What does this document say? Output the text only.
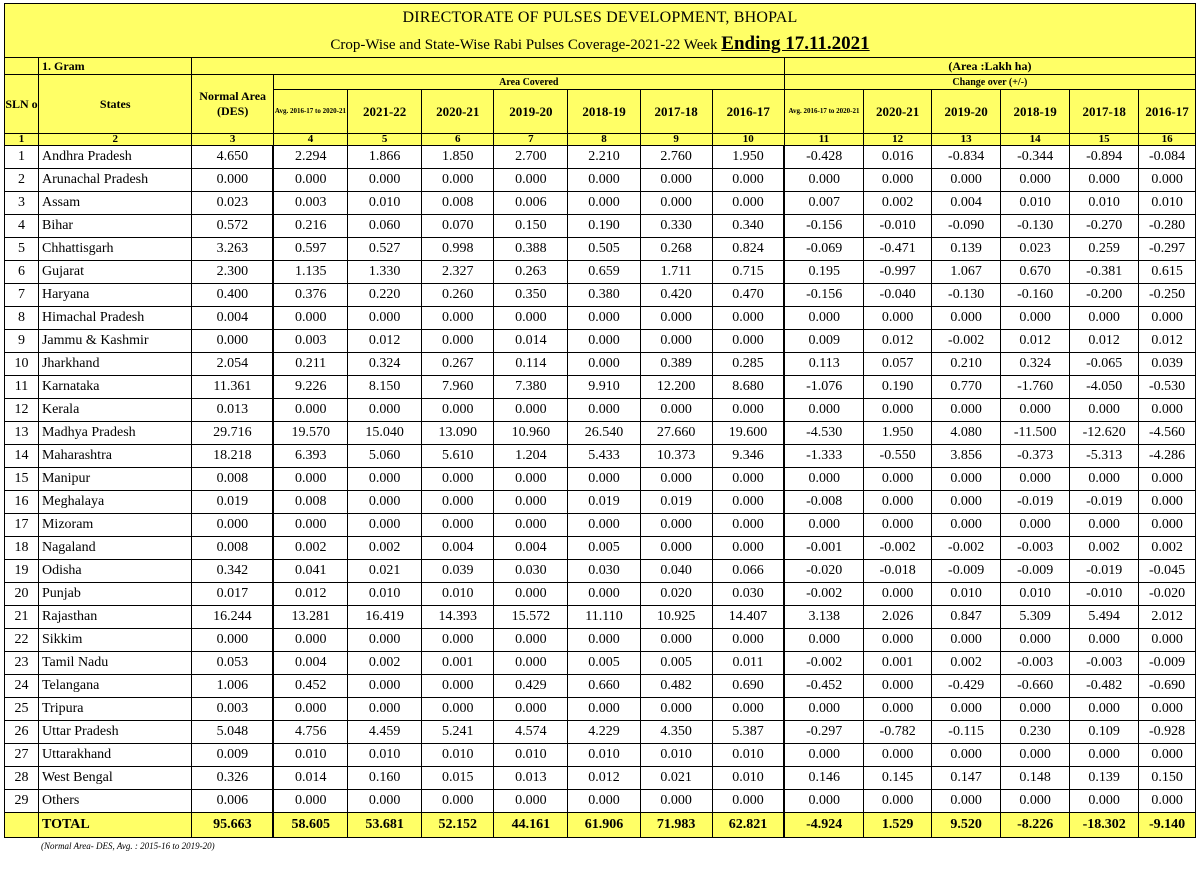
DIRECTORATE OF PULSES DEVELOPMENT, BHOPAL
Crop-Wise and State-Wise Rabi Pulses Coverage-2021-22 Week Ending 17.11.2021
	1. Gram									(Area :Lakh ha)					
SLN o	States	Normal Area (DES)	Area Covered							Change over (+/-)					
			Avg. 2016-17 to 2020-21	2021-22	2020-21	2019-20	2018-19	2017-18	2016-17	Avg. 2016-17 to 2020-21	2020-21	2019-20	2018-19	2017-18	2016-17
1	2	3	4	5	6	7	8	9	10	11	12	13	14	15	16
1	Andhra Pradesh	4.650	2.294	1.866	1.850	2.700	2.210	2.760	1.950	-0.428	0.016	-0.834	-0.344	-0.894	-0.084
2	Arunachal Pradesh	0.000	0.000	0.000	0.000	0.000	0.000	0.000	0.000	0.000	0.000	0.000	0.000	0.000	0.000
3	Assam	0.023	0.003	0.010	0.008	0.006	0.000	0.000	0.000	0.007	0.002	0.004	0.010	0.010	0.010
4	Bihar	0.572	0.216	0.060	0.070	0.150	0.190	0.330	0.340	-0.156	-0.010	-0.090	-0.130	-0.270	-0.280
5	Chhattisgarh	3.263	0.597	0.527	0.998	0.388	0.505	0.268	0.824	-0.069	-0.471	0.139	0.023	0.259	-0.297
6	Gujarat	2.300	1.135	1.330	2.327	0.263	0.659	1.711	0.715	0.195	-0.997	1.067	0.670	-0.381	0.615
7	Haryana	0.400	0.376	0.220	0.260	0.350	0.380	0.420	0.470	-0.156	-0.040	-0.130	-0.160	-0.200	-0.250
8	Himachal Pradesh	0.004	0.000	0.000	0.000	0.000	0.000	0.000	0.000	0.000	0.000	0.000	0.000	0.000	0.000
9	Jammu & Kashmir	0.000	0.003	0.012	0.000	0.014	0.000	0.000	0.000	0.009	0.012	-0.002	0.012	0.012	0.012
10	Jharkhand	2.054	0.211	0.324	0.267	0.114	0.000	0.389	0.285	0.113	0.057	0.210	0.324	-0.065	0.039
11	Karnataka	11.361	9.226	8.150	7.960	7.380	9.910	12.200	8.680	-1.076	0.190	0.770	-1.760	-4.050	-0.530
12	Kerala	0.013	0.000	0.000	0.000	0.000	0.000	0.000	0.000	0.000	0.000	0.000	0.000	0.000	0.000
13	Madhya Pradesh	29.716	19.570	15.040	13.090	10.960	26.540	27.660	19.600	-4.530	1.950	4.080	-11.500	-12.620	-4.560
14	Maharashtra	18.218	6.393	5.060	5.610	1.204	5.433	10.373	9.346	-1.333	-0.550	3.856	-0.373	-5.313	-4.286
15	Manipur	0.008	0.000	0.000	0.000	0.000	0.000	0.000	0.000	0.000	0.000	0.000	0.000	0.000	0.000
16	Meghalaya	0.019	0.008	0.000	0.000	0.000	0.019	0.019	0.000	-0.008	0.000	0.000	-0.019	-0.019	0.000
17	Mizoram	0.000	0.000	0.000	0.000	0.000	0.000	0.000	0.000	0.000	0.000	0.000	0.000	0.000	0.000
18	Nagaland	0.008	0.002	0.002	0.004	0.004	0.005	0.000	0.000	-0.001	-0.002	-0.002	-0.003	0.002	0.002
19	Odisha	0.342	0.041	0.021	0.039	0.030	0.030	0.040	0.066	-0.020	-0.018	-0.009	-0.009	-0.019	-0.045
20	Punjab	0.017	0.012	0.010	0.010	0.000	0.000	0.020	0.030	-0.002	0.000	0.010	0.010	-0.010	-0.020
21	Rajasthan	16.244	13.281	16.419	14.393	15.572	11.110	10.925	14.407	3.138	2.026	0.847	5.309	5.494	2.012
22	Sikkim	0.000	0.000	0.000	0.000	0.000	0.000	0.000	0.000	0.000	0.000	0.000	0.000	0.000	0.000
23	Tamil Nadu	0.053	0.004	0.002	0.001	0.000	0.005	0.005	0.011	-0.002	0.001	0.002	-0.003	-0.003	-0.009
24	Telangana	1.006	0.452	0.000	0.000	0.429	0.660	0.482	0.690	-0.452	0.000	-0.429	-0.660	-0.482	-0.690
25	Tripura	0.003	0.000	0.000	0.000	0.000	0.000	0.000	0.000	0.000	0.000	0.000	0.000	0.000	0.000
26	Uttar Pradesh	5.048	4.756	4.459	5.241	4.574	4.229	4.350	5.387	-0.297	-0.782	-0.115	0.230	0.109	-0.928
27	Uttarakhand	0.009	0.010	0.010	0.010	0.010	0.010	0.010	0.010	0.000	0.000	0.000	0.000	0.000	0.000
28	West Bengal	0.326	0.014	0.160	0.015	0.013	0.012	0.021	0.010	0.146	0.145	0.147	0.148	0.139	0.150
29	Others	0.006	0.000	0.000	0.000	0.000	0.000	0.000	0.000	0.000	0.000	0.000	0.000	0.000	0.000
	TOTAL	95.663	58.605	53.681	52.152	44.161	61.906	71.983	62.821	-4.924	1.529	9.520	-8.226	-18.302	-9.140
(Normal Area- DES, Avg. : 2015-16 to 2019-20)
